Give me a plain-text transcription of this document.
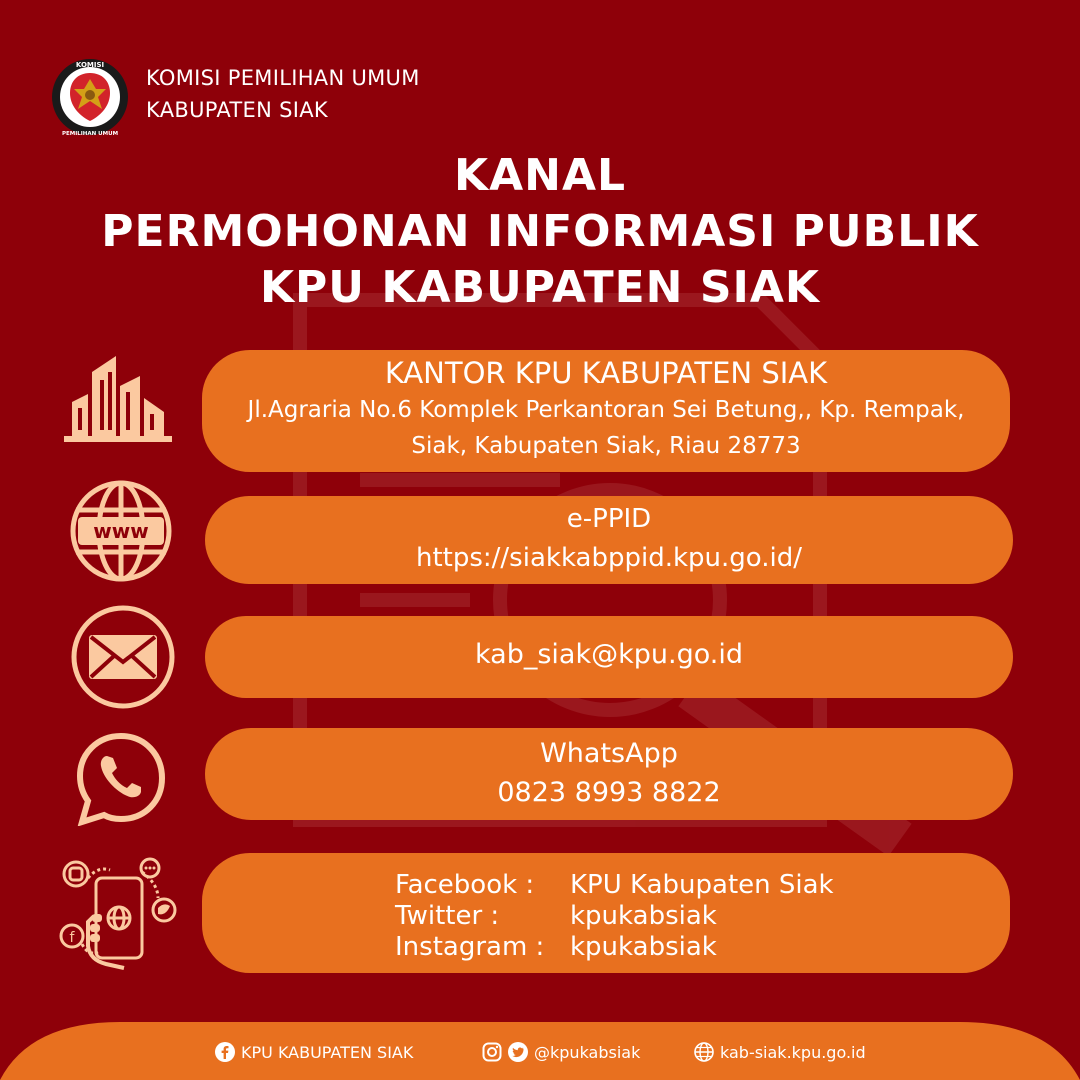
KOMISI
PEMILIHAN UMUM
KOMISI PEMILIHAN UMUM
KABUPATEN SIAK
KANAL
PERMOHONAN INFORMASI PUBLIK
KPU KABUPATEN SIAK
KANTOR KPU KABUPATEN SIAK
Jl.Agraria No.6 Komplek Perkantoran Sei Betung,, Kp. Rempak,
Siak, Kabupaten Siak, Riau 28773
www	e-PPID
https://siakkabppid.kpu.go.id/
kab_siak@kpu.go.id
WhatsApp
0823 8993 8822
f
Facebook :	KPU Kabupaten Siak
Twitter :	kpukabsiak
Instagram : kpukabsiak
KPU KABUPATEN SIAK	@kpukabsiak	kab-siak.kpu.go.id
